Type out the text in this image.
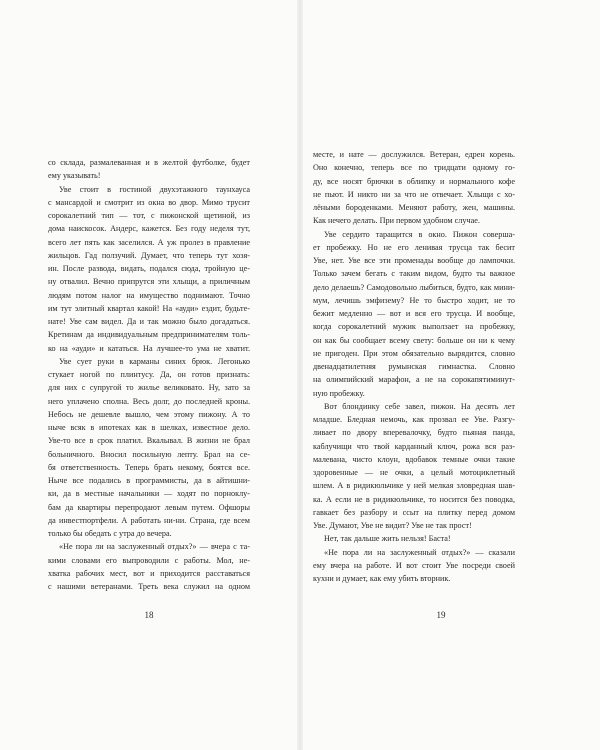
со склада, размалеванная и в желтой футболке, будет
ему указывать!
Уве стоит в гостиной двухэтажного таунхауса
с мансардой и смотрит из окна во двор. Мимо трусит
сорокалетний тип — тот, с пижонской щетиной, из
дома наискосок. Андерс, кажется. Без году неделя тут,
всего лет пять как заселился. А уж пролез в правление
жильцов. Гад ползучий. Думает, что теперь тут хозя-
ин. После развода, видать, подался сюда, тройную це-
ну отвалил. Вечно припрутся эти хлыщи, а приличным
людям потом налог на имущество поднимают. Точно
им тут элитный квартал какой! На «ауди» ездит, будьте-
нате! Уве сам видел. Да и так можно было догадаться.
Кретинам да индивидуальным предпринимателям толь-
ко на «ауди» и кататься. На лучшее-то ума не хватит.
Уве сует руки в карманы синих брюк. Легонько
стукает ногой по плинтусу. Да, он готов признать:
для них с супругой то жилье великовато. Ну, зато за
него уплачено сполна. Весь долг, до последней кроны.
Небось не дешевле вышло, чем этому пижону. А то
ныче всяк в ипотеках как в шелках, известное дело.
Уве-то все в срок платил. Вкалывал. В жизни не брал
больничного. Вносил посильную лепту. Брал на се-
бя ответственность. Теперь брать некому, боятся все.
Ныче все подались в программисты, да в айтишни-
ки, да в местные начальники — ходят по порноклу-
бам да квартиры перепродают левым путем. Офшоры
да инвестпортфели. А работать ни-ни. Страна, где всем
только бы обедать с утра до вечера.
«Не пора ли на заслуженный отдых?» — вчера с та-
кими словами его выпроводили с работы. Мол, не-
хватка рабочих мест, вот и приходится расставаться
с нашими ветеранами. Треть века служил на одном
18
месте, и нате — дослужился. Ветеран, едрен корень.
Оно конечно, теперь все по тридцати одному го-
ду, все носят брючки в облипку и нормального кофе
не пьют. И никто ни за что не отвечает. Хлыщи с хо-
лёными бороденками. Меняют работу, жен, машины.
Как нечего делать. При первом удобном случае.
Уве сердито таращится в окно. Пижон соверша-
ет пробежку. Но не его ленивая трусца так бесит
Уве, нет. Уве все эти променады вообще до лампочки.
Только зачем бегать с таким видом, будто ты важное
дело делаешь? Самодовольно лыбиться, будто, как мини-
мум, лечишь эмфизему? Не то быстро ходит, не то
бежит медленно — вот и вся его трусца. И вообще,
когда сорокалетний мужик выползает на пробежку,
он как бы сообщает всему свету: больше он ни к чему
не пригоден. При этом обязательно вырядится, словно
двенадцатилетняя румынская гимнастка. Словно
на олимпийский марафон, а не на сорокапятиминут-
ную пробежку.
Вот блондинку себе завел, пижон. На десять лет
младше. Бледная немочь, как прозвал ее Уве. Разгу-
ливает по двору вперевалочку, будто пьяная панда,
каблучищи что твой карданный ключ, рожа вся раз-
малевана, чисто клоун, вдобавок темные очки такие
здоровенные — не очки, а целый мотоциклетный
шлем. А в ридикюльчике у ней мелкая зловредная шав-
ка. А если не в ридикюльчике, то носится без поводка,
гавкает без разбору и ссыт на плитку перед домом
Уве. Думают, Уве не видит? Уве не так прост!
Нет, так дальше жить нельзя! Баста!
«Не пора ли на заслуженный отдых?» — сказали
ему вчера на работе. И вот стоит Уве посреди своей
кухни и думает, как ему убить вторник.
19
